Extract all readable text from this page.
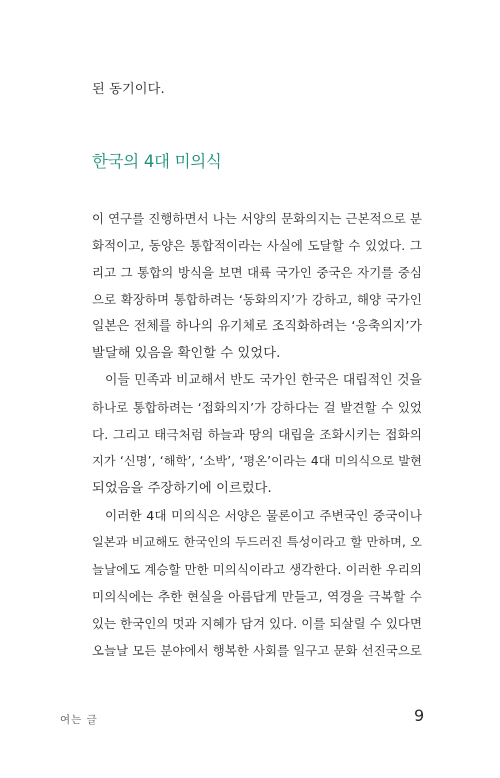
된 동기이다.
한국의 4대 미의식
이 연구를 진행하면서 나는 서양의 문화의지는 근본적으로 분
화적이고, 동양은 통합적이라는 사실에 도달할 수 있었다. 그
리고 그 통합의 방식을 보면 대륙 국가인 중국은 자기를 중심
으로 확장하며 통합하려는 ‘동화의지’가 강하고, 해양 국가인
일본은 전체를 하나의 유기체로 조직화하려는 ‘응축의지’가
발달해 있음을 확인할 수 있었다.
이들 민족과 비교해서 반도 국가인 한국은 대립적인 것을
하나로 통합하려는 ‘접화의지’가 강하다는 걸 발견할 수 있었
다. 그리고 태극처럼 하늘과 땅의 대립을 조화시키는 접화의
지가 ‘신명’, ‘해학’, ‘소박’, ‘평온’이라는 4대 미의식으로 발현
되었음을 주장하기에 이르렀다.
이러한 4대 미의식은 서양은 물론이고 주변국인 중국이나
일본과 비교해도 한국인의 두드러진 특성이라고 할 만하며, 오
늘날에도 계승할 만한 미의식이라고 생각한다. 이러한 우리의
미의식에는 추한 현실을 아름답게 만들고, 역경을 극복할 수
있는 한국인의 멋과 지혜가 담겨 있다. 이를 되살릴 수 있다면
오늘날 모든 분야에서 행복한 사회를 일구고 문화 선진국으로
여는 글	9
